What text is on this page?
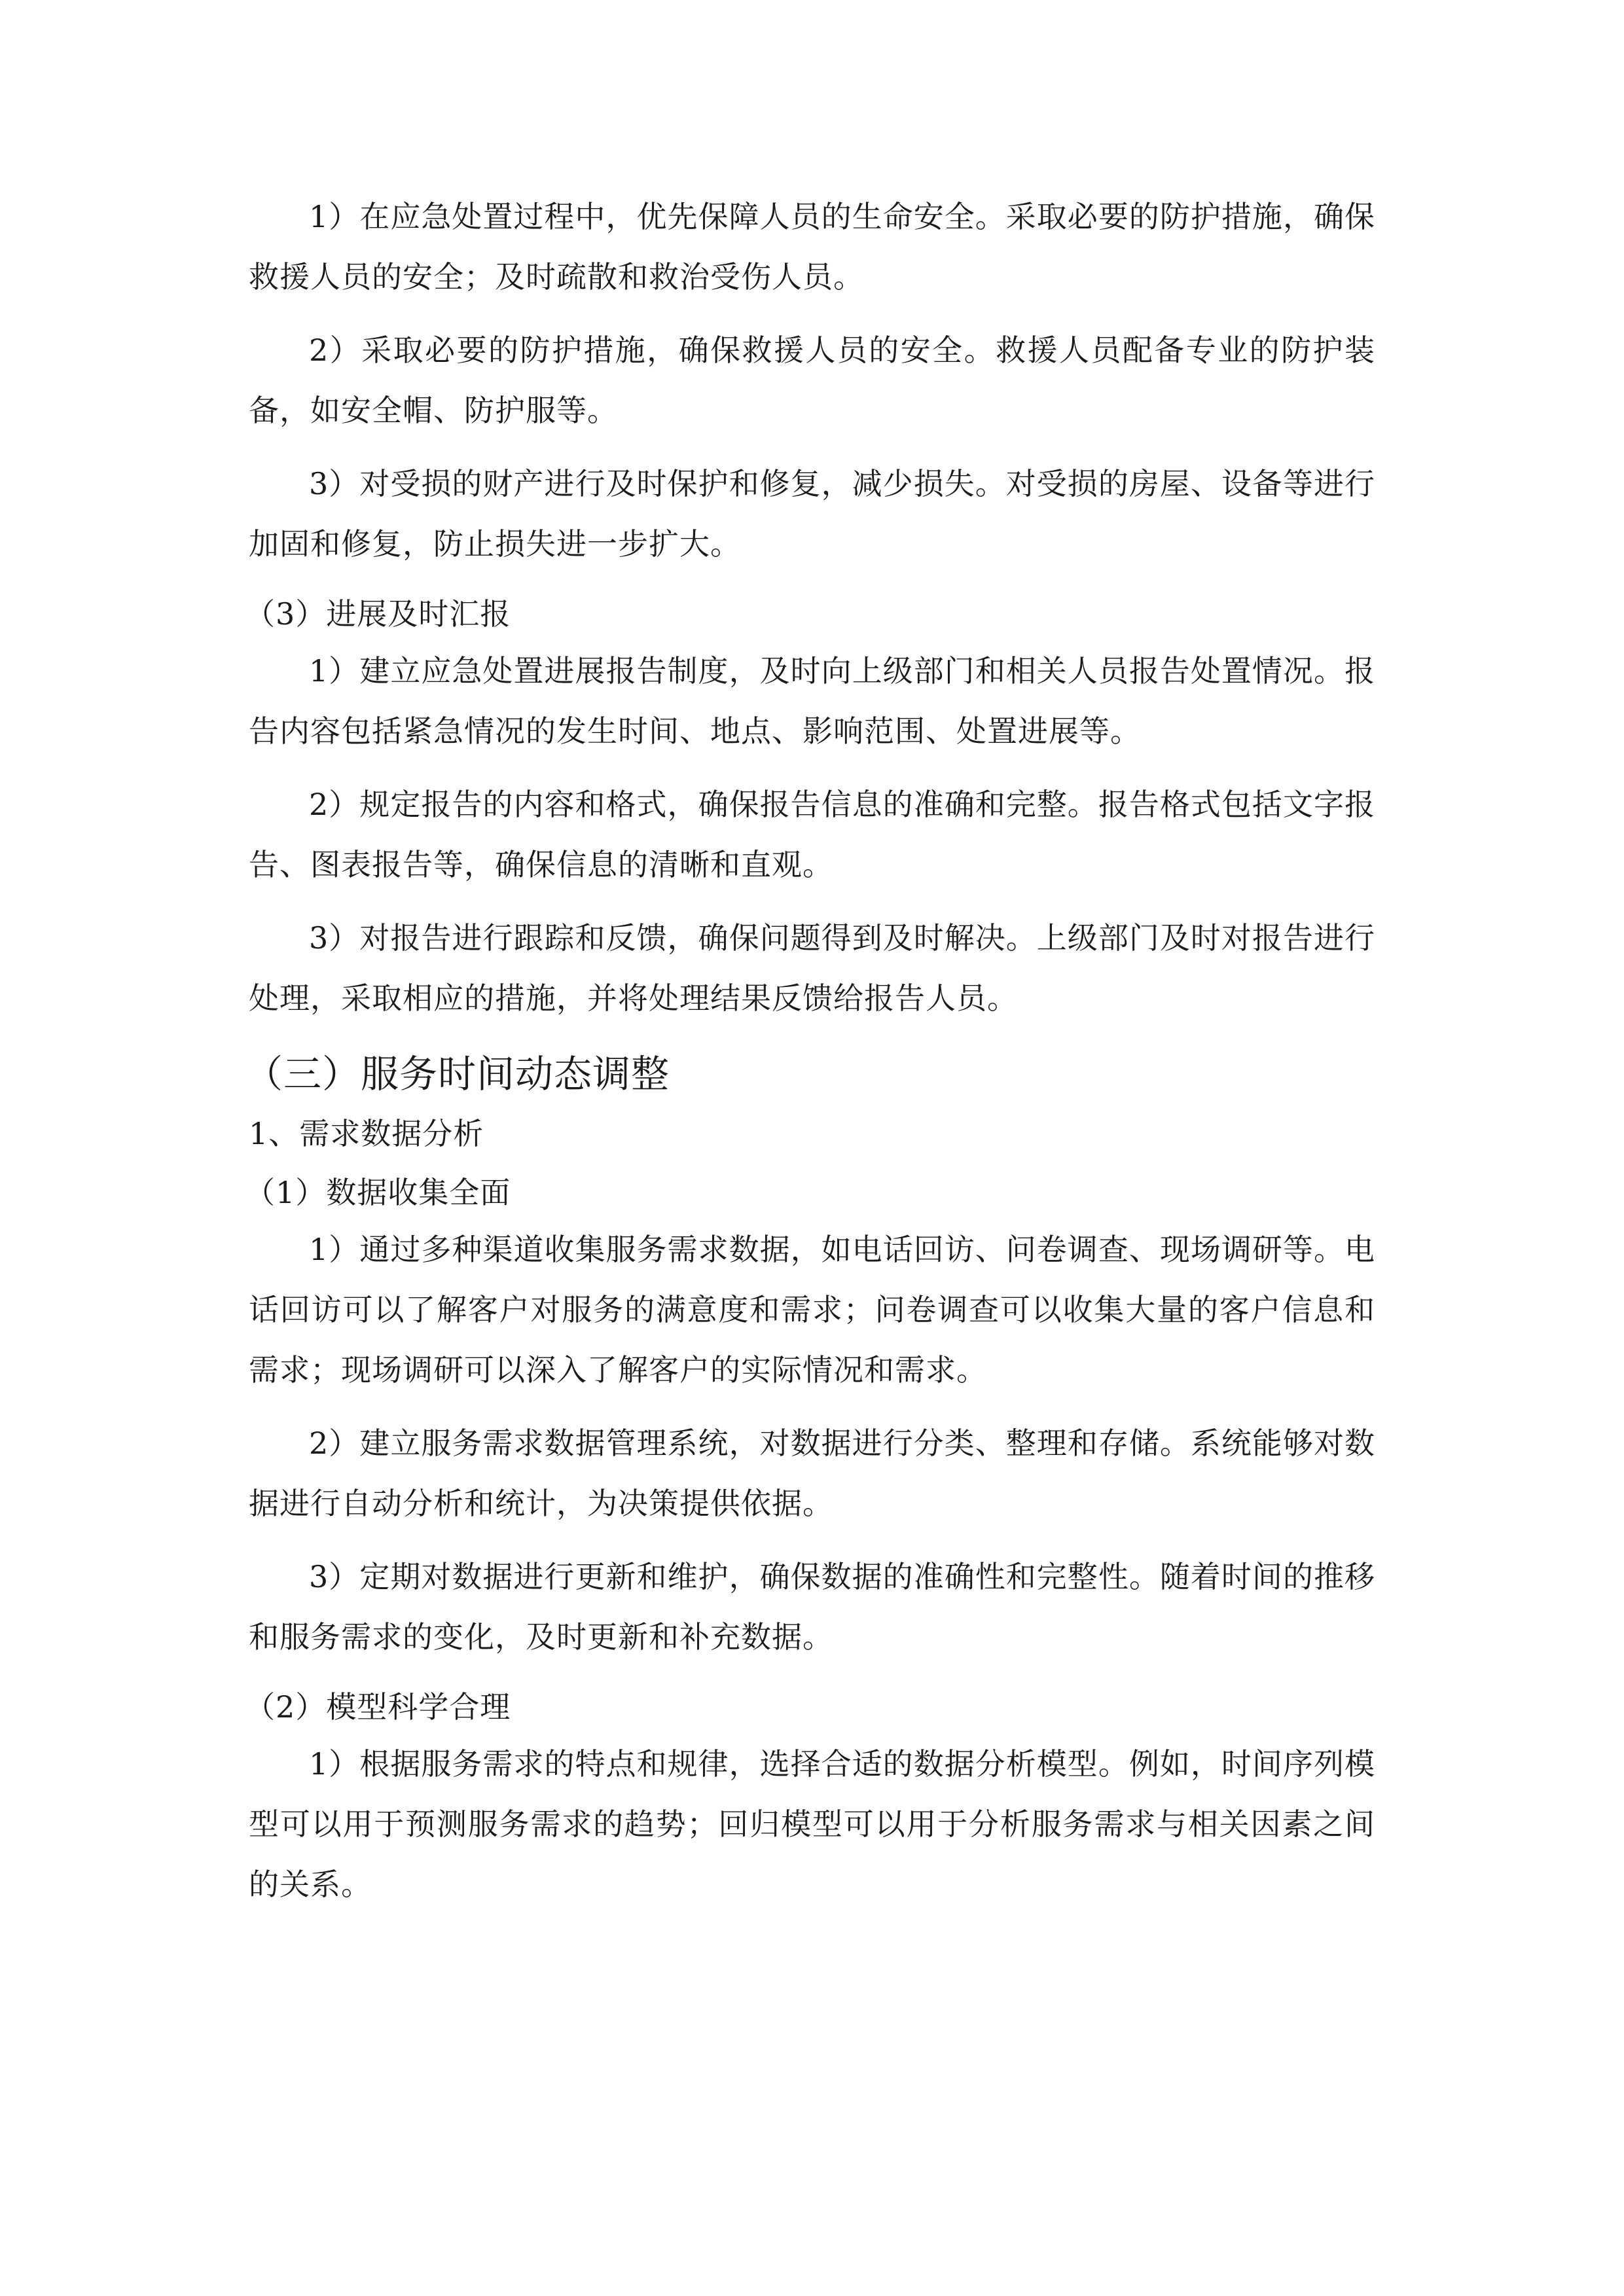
1）在应急处置过程中，优先保障人员的生命安全。采取必要的防护措施，确保救援人员的安全；及时疏散和救治受伤人员。

2）采取必要的防护措施，确保救援人员的安全。救援人员配备专业的防护装备，如安全帽、防护服等。

3）对受损的财产进行及时保护和修复，减少损失。对受损的房屋、设备等进行加固和修复，防止损失进一步扩大。

（3）进展及时汇报

1）建立应急处置进展报告制度，及时向上级部门和相关人员报告处置情况。报告内容包括紧急情况的发生时间、地点、影响范围、处置进展等。

2）规定报告的内容和格式，确保报告信息的准确和完整。报告格式包括文字报告、图表报告等，确保信息的清晰和直观。

3）对报告进行跟踪和反馈，确保问题得到及时解决。上级部门及时对报告进行处理，采取相应的措施，并将处理结果反馈给报告人员。

（三）服务时间动态调整

1、需求数据分析

（1）数据收集全面

1）通过多种渠道收集服务需求数据，如电话回访、问卷调查、现场调研等。电话回访可以了解客户对服务的满意度和需求；问卷调查可以收集大量的客户信息和需求；现场调研可以深入了解客户的实际情况和需求。

2）建立服务需求数据管理系统，对数据进行分类、整理和存储。系统能够对数据进行自动分析和统计，为决策提供依据。

3）定期对数据进行更新和维护，确保数据的准确性和完整性。随着时间的推移和服务需求的变化，及时更新和补充数据。

（2）模型科学合理

1）根据服务需求的特点和规律，选择合适的数据分析模型。例如，时间序列模型可以用于预测服务需求的趋势；回归模型可以用于分析服务需求与相关因素之间的关系。
